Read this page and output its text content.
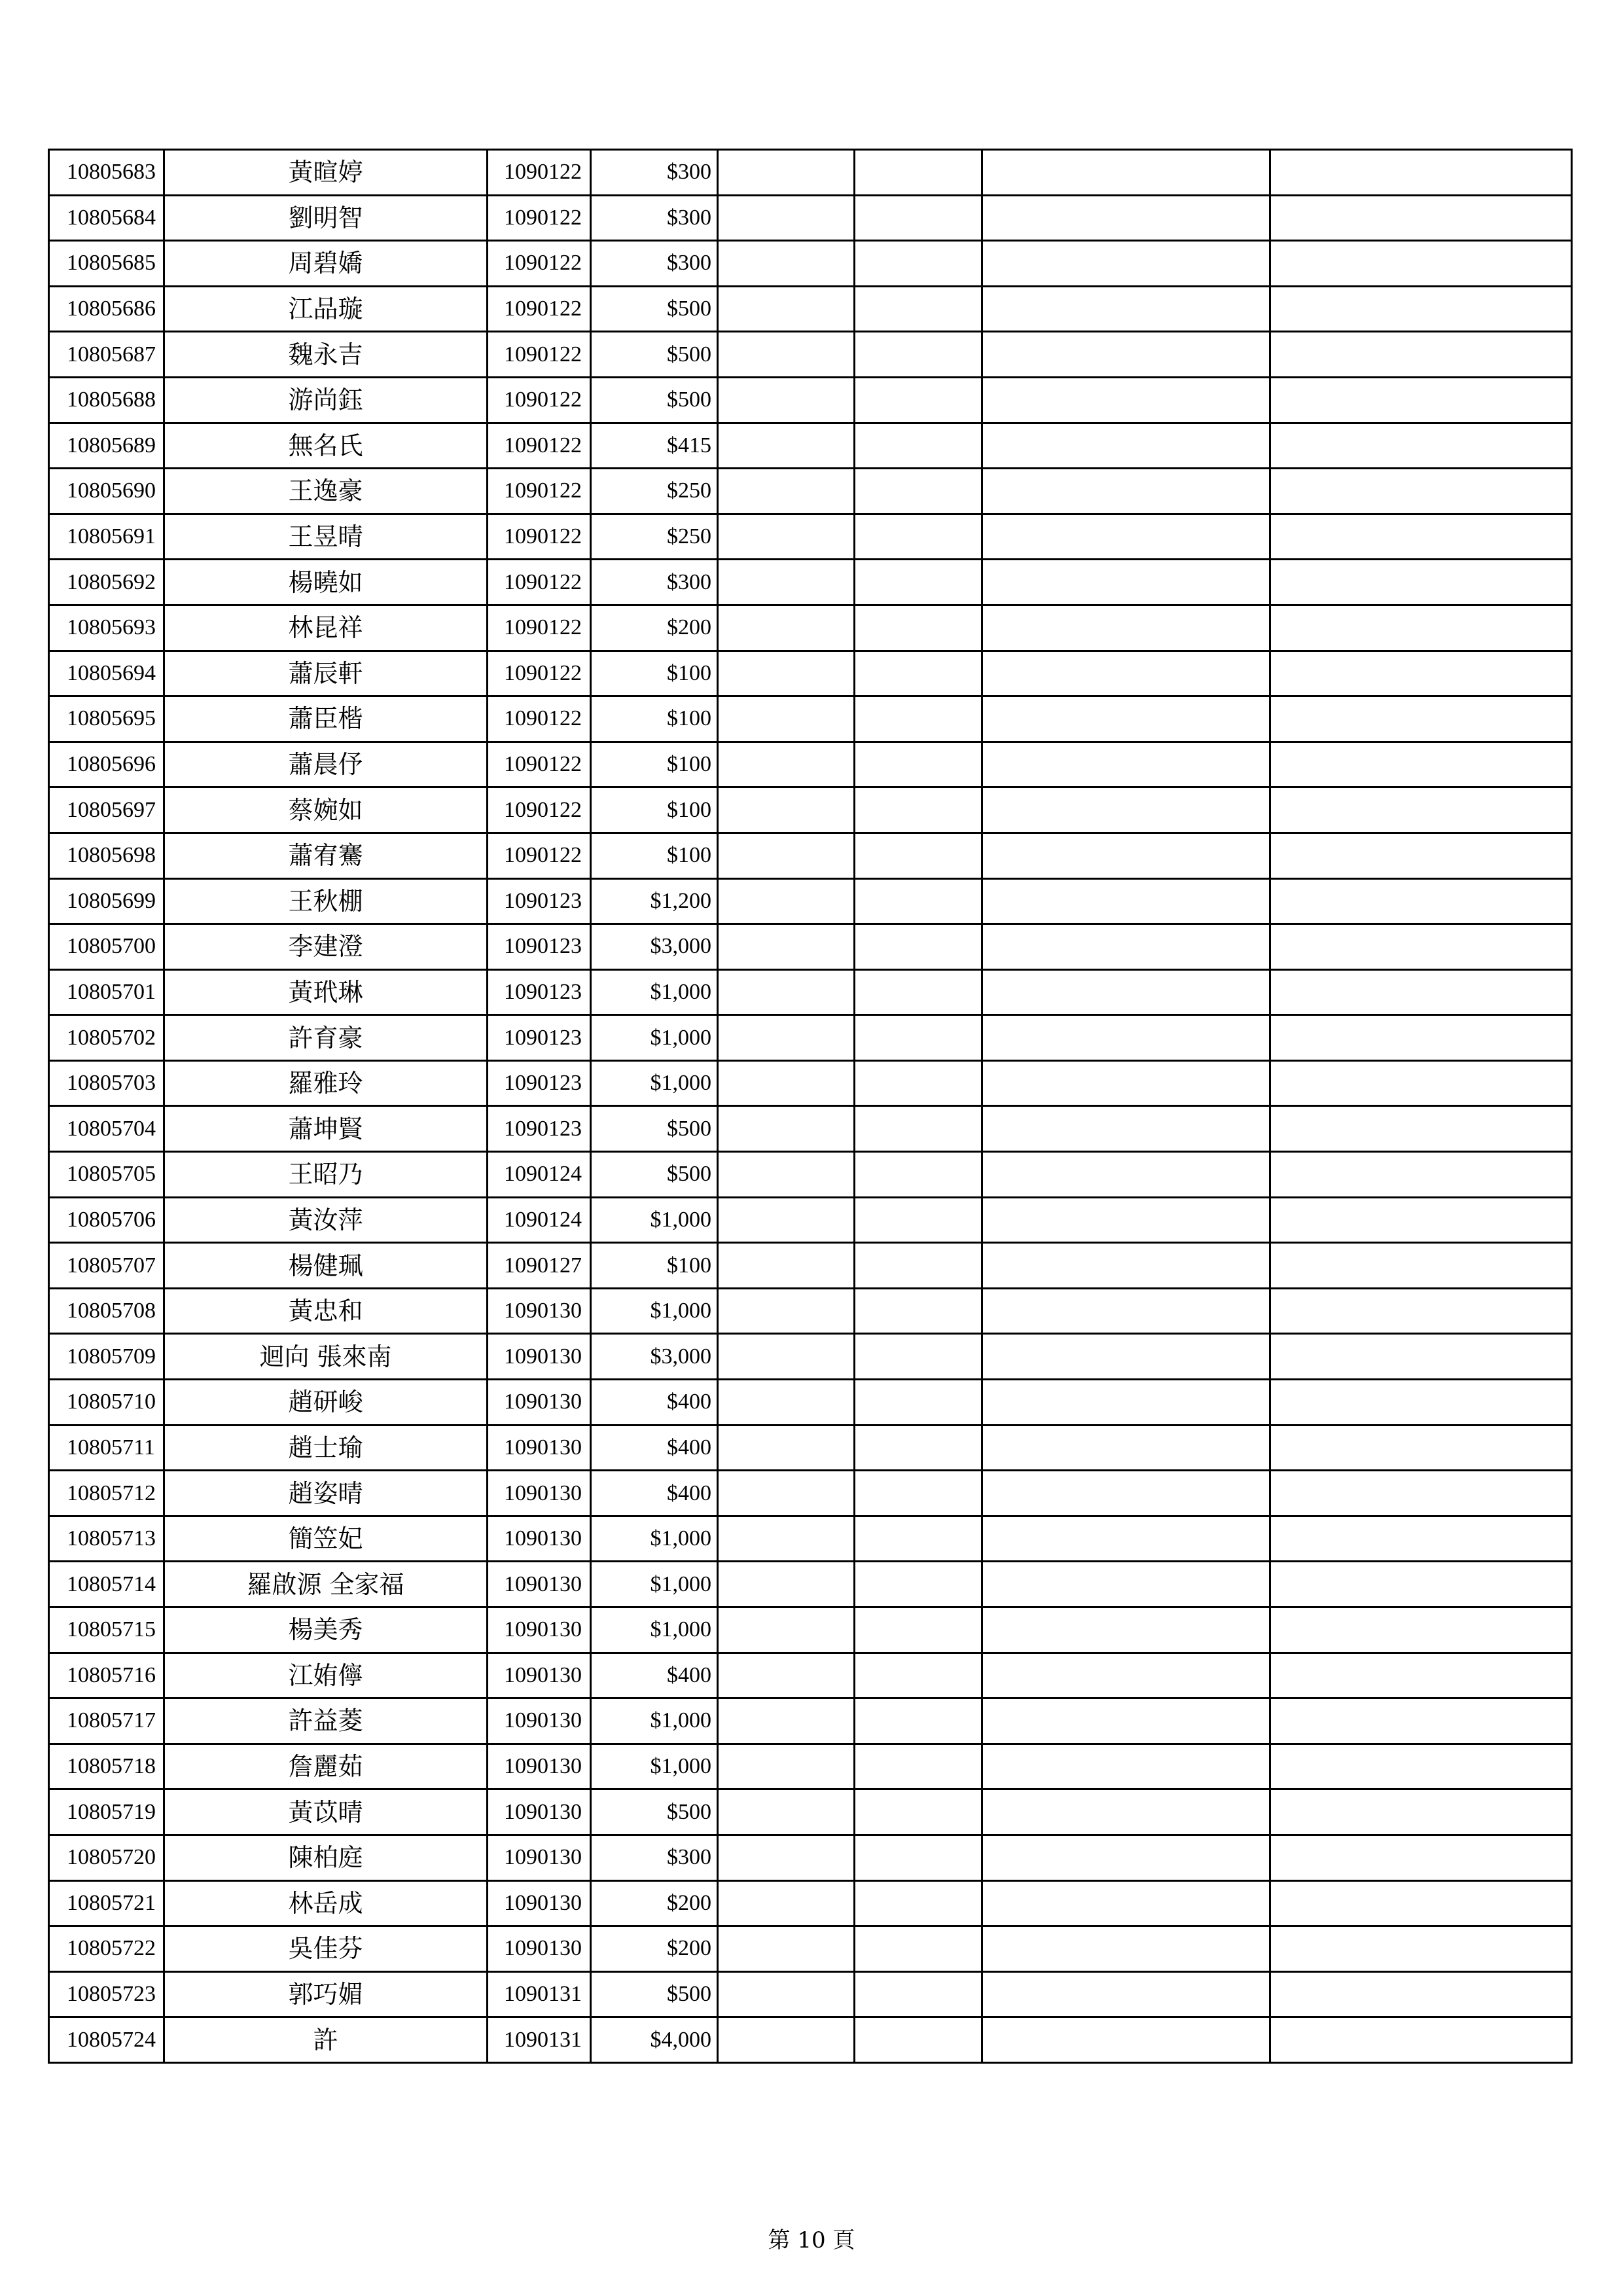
10805683	黃暄婷	1090122	$300				
10805684	劉明智	1090122	$300				
10805685	周碧嬌	1090122	$300				
10805686	江品璇	1090122	$500				
10805687	魏永吉	1090122	$500				
10805688	游尚鈺	1090122	$500				
10805689	無名氏	1090122	$415				
10805690	王逸豪	1090122	$250				
10805691	王昱晴	1090122	$250				
10805692	楊曉如	1090122	$300				
10805693	林昆祥	1090122	$200				
10805694	蕭辰軒	1090122	$100				
10805695	蕭臣楷	1090122	$100				
10805696	蕭晨伃	1090122	$100				
10805697	蔡婉如	1090122	$100				
10805698	蕭宥騫	1090122	$100				
10805699	王秋棚	1090123	$1,200				
10805700	李建澄	1090123	$3,000				
10805701	黃玳琳	1090123	$1,000				
10805702	許育豪	1090123	$1,000				
10805703	羅雅玲	1090123	$1,000				
10805704	蕭坤賢	1090123	$500				
10805705	王昭乃	1090124	$500				
10805706	黃汝萍	1090124	$1,000				
10805707	楊健珮	1090127	$100				
10805708	黃忠和	1090130	$1,000				
10805709	迴向 張來南	1090130	$3,000				
10805710	趙研峻	1090130	$400				
10805711	趙士瑜	1090130	$400				
10805712	趙姿晴	1090130	$400				
10805713	簡笠妃	1090130	$1,000				
10805714	羅啟源 全家福	1090130	$1,000				
10805715	楊美秀	1090130	$1,000				
10805716	江姷儜	1090130	$400				
10805717	許益菱	1090130	$1,000				
10805718	詹麗茹	1090130	$1,000				
10805719	黃苡晴	1090130	$500				
10805720	陳柏庭	1090130	$300				
10805721	林岳成	1090130	$200				
10805722	吳佳芬	1090130	$200				
10805723	郭巧媚	1090131	$500				
10805724	許	1090131	$4,000				
第 10 頁
